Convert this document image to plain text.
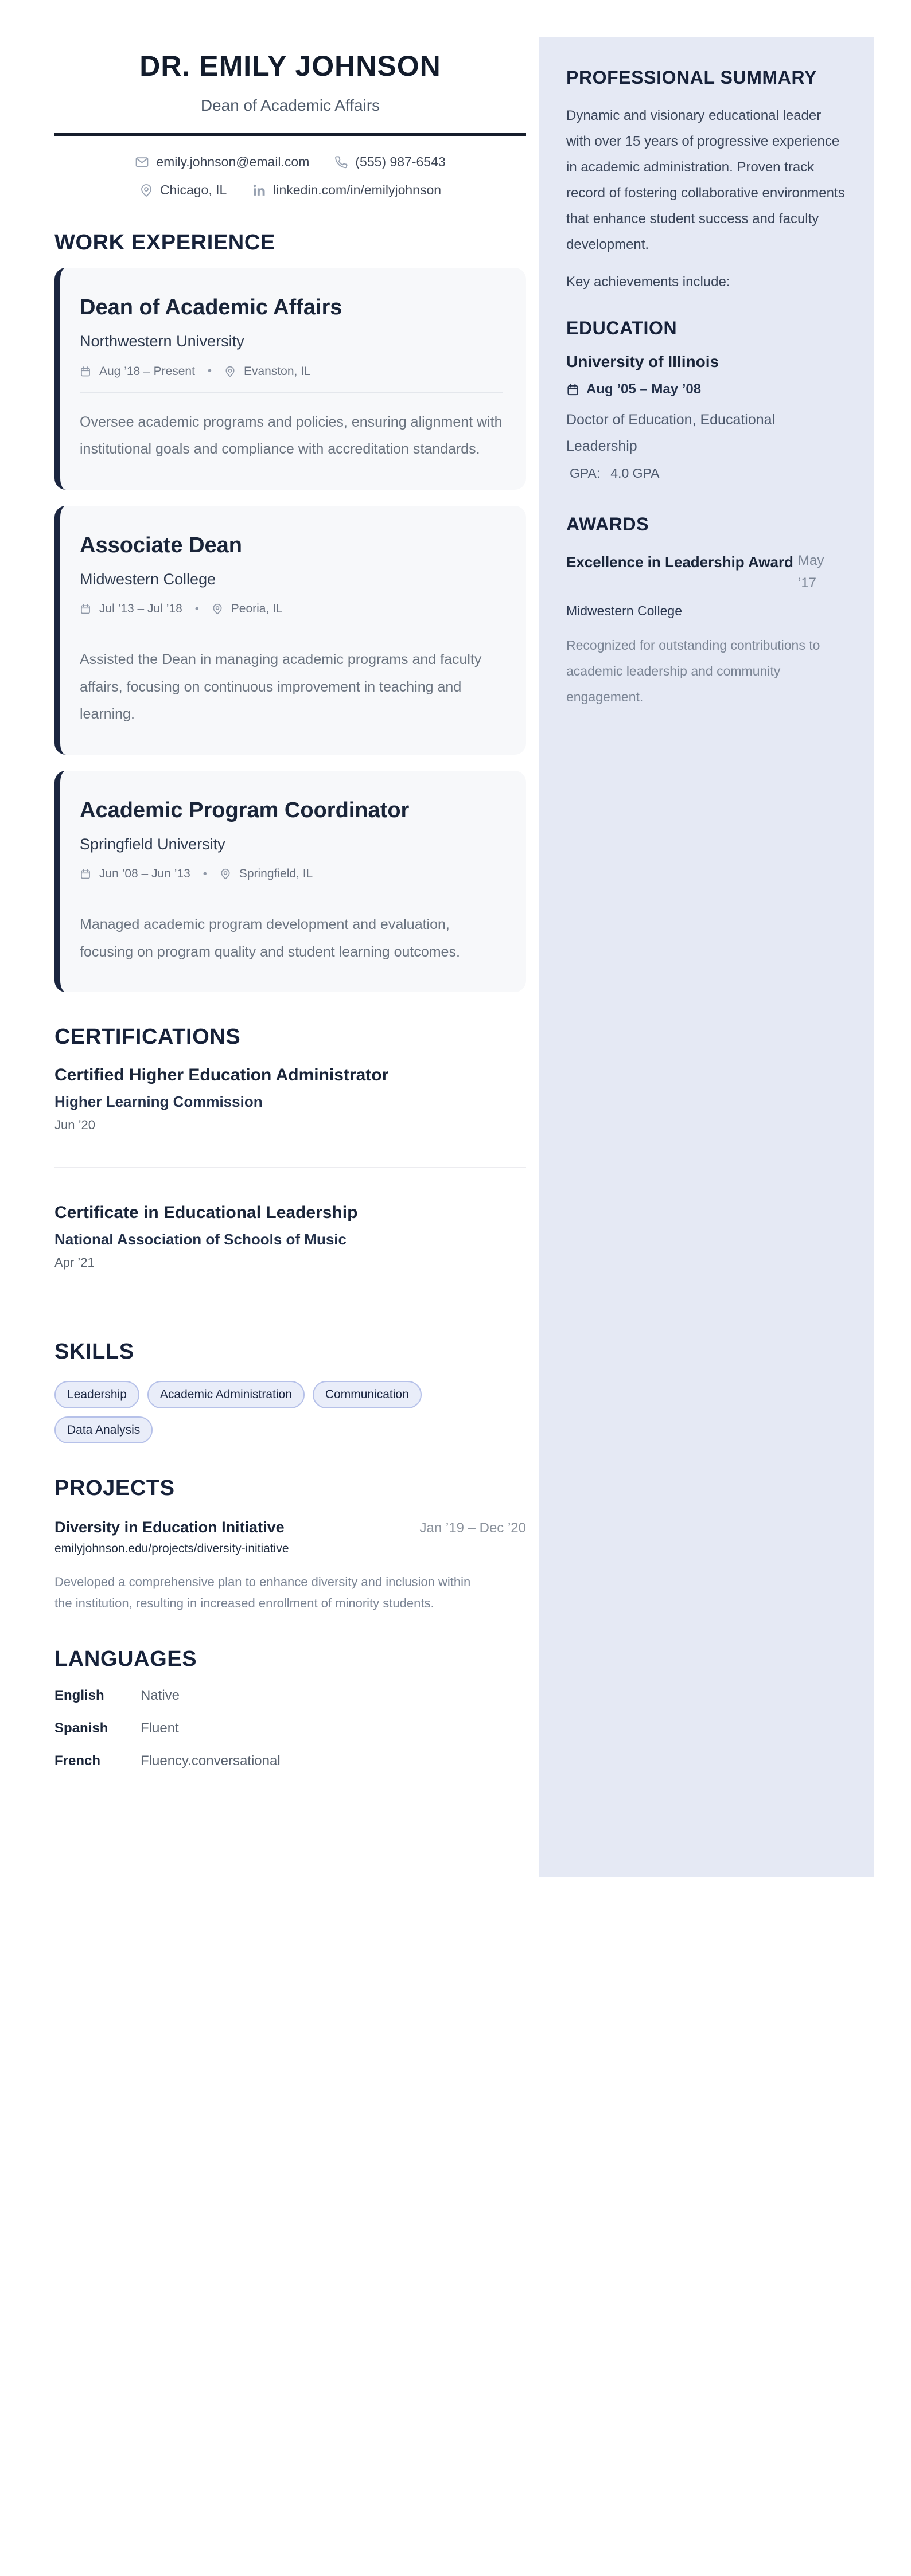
PROFESSIONAL SUMMARY
Dynamic and visionary educational leader with over 15 years of progressive experience in academic administration. Proven track record of fostering collaborative environments that enhance student success and faculty development.
Key achievements include:
EDUCATION
University of Illinois
Aug ’05 – May ’08
Doctor of Education, Educational Leadership
GPA: 4.0 GPA
AWARDS
Excellence in Leadership Award May ’17
Midwestern College
Recognized for outstanding contributions to academic leadership and community engagement.
DR. EMILY JOHNSON
Dean of Academic Affairs
emily.johnson@email.com	(555) 987-6543
Chicago, IL	linkedin.com/in/emilyjohnson
WORK EXPERIENCE
Dean of Academic Affairs
Northwestern University
Aug ’18 – Present •	Evanston, IL
Oversee academic programs and policies, ensuring alignment with institutional goals and compliance with accreditation standards.
Associate Dean
Midwestern College
Jul ’13 – Jul ’18 •	Peoria, IL
Assisted the Dean in managing academic programs and faculty affairs, focusing on continuous improvement in teaching and learning.
Academic Program Coordinator
Springfield University
Jun ’08 – Jun ’13 •	Springfield, IL
Managed academic program development and evaluation, focusing on program quality and student learning outcomes.
CERTIFICATIONS
Certified Higher Education Administrator
Higher Learning Commission
Jun ’20
Certificate in Educational Leadership
National Association of Schools of Music
Apr ’21
SKILLS
Leadership	Academic Administration	Communication
Data Analysis
PROJECTS
Diversity in Education Initiative	Jan ’19 – Dec ’20
emilyjohnson.edu/projects/diversity-initiative
Developed a comprehensive plan to enhance diversity and inclusion within the institution, resulting in increased enrollment of minority students.
LANGUAGES
English	Native
Spanish	Fluent
French	Fluency.conversational
